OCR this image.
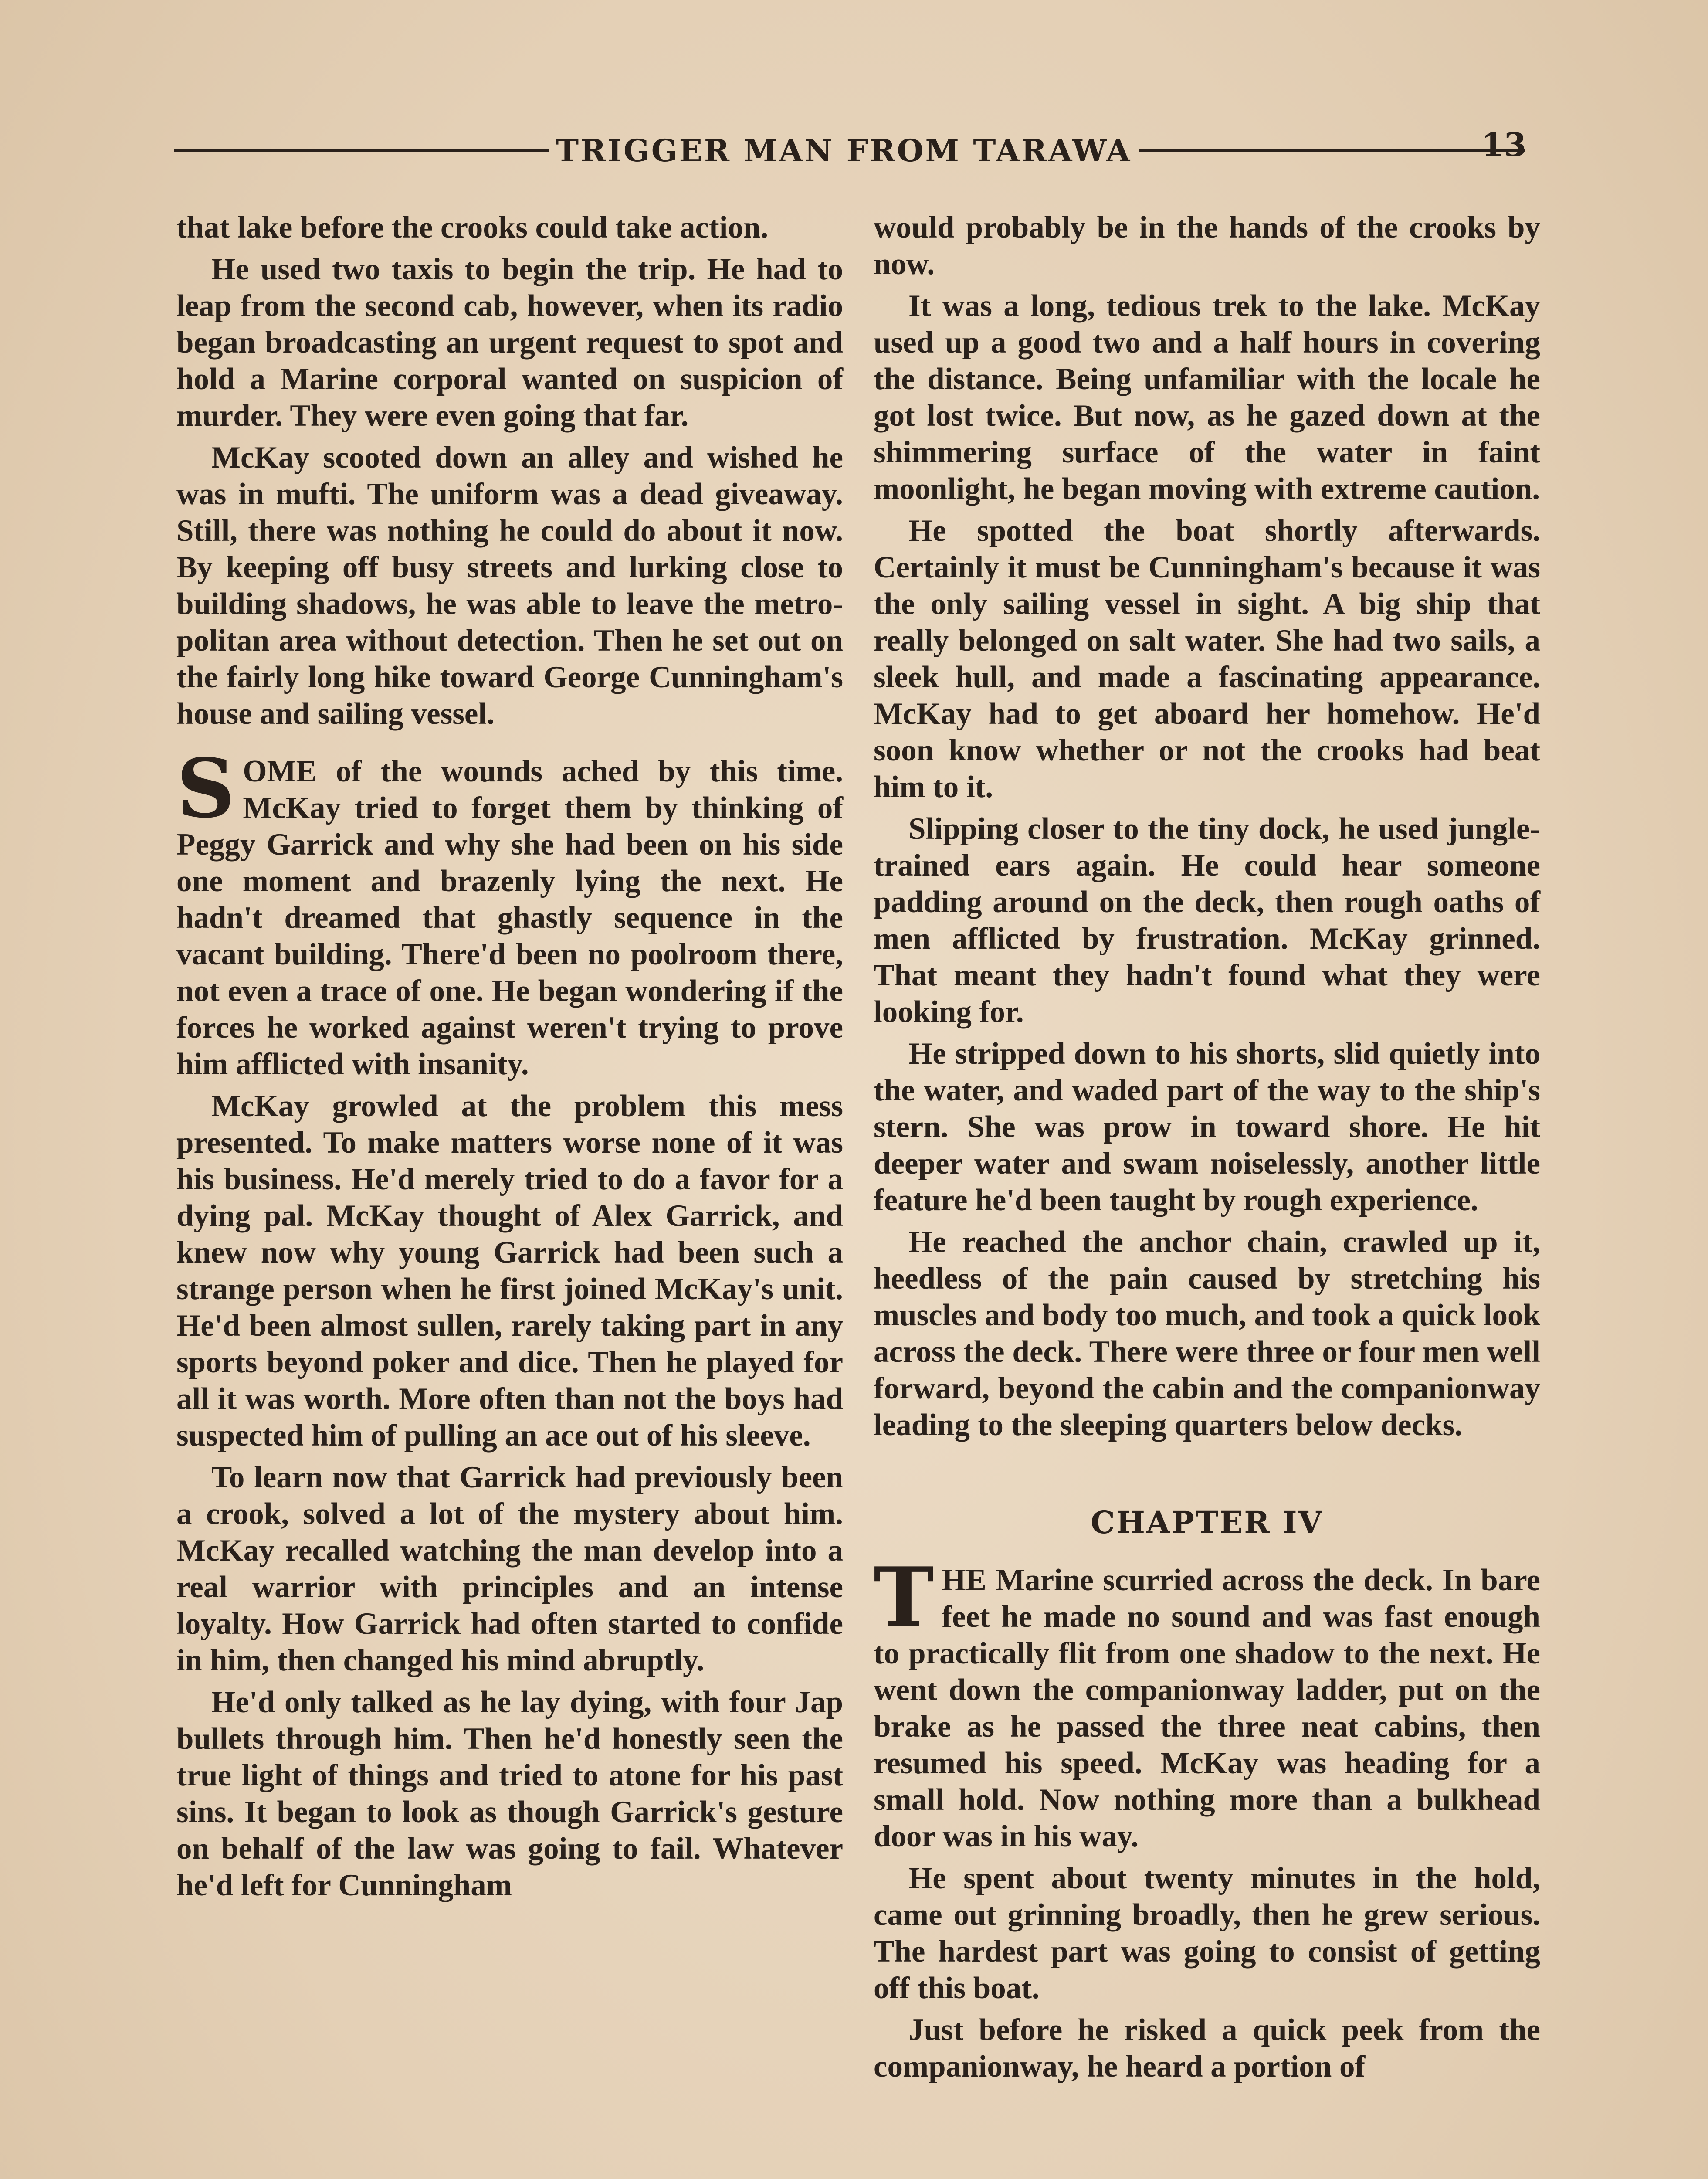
TRIGGER MAN FROM TARAWA	13

that lake before the crooks could take action.

He used two taxis to begin the trip. He had to leap from the second cab, however, when its radio began broadcasting an urgent request to spot and hold a Marine corporal wanted on suspicion of murder. They were even going that far.

McKay scooted down an alley and wished he was in mufti. The uniform was a dead giveaway. Still, there was nothing he could do about it now. By keeping off busy streets and lurking close to building shadows, he was able to leave the metropolitan area without detection. Then he set out on the fairly long hike toward George Cunningham's house and sailing vessel.

SOME of the wounds ached by this time. McKay tried to forget them by thinking of Peggy Garrick and why she had been on his side one moment and brazenly lying the next. He hadn't dreamed that ghastly sequence in the vacant building. There'd been no poolroom there, not even a trace of one. He began wondering if the forces he worked against weren't trying to prove him afflicted with insanity.

McKay growled at the problem this mess presented. To make matters worse none of it was his business. He'd merely tried to do a favor for a dying pal. McKay thought of Alex Garrick, and knew now why young Garrick had been such a strange person when he first joined McKay's unit. He'd been almost sullen, rarely taking part in any sports beyond poker and dice. Then he played for all it was worth. More often than not the boys had suspected him of pulling an ace out of his sleeve.

To learn now that Garrick had previously been a crook, solved a lot of the mystery about him. McKay recalled watching the man develop into a real warrior with principles and an intense loyalty. How Garrick had often started to confide in him, then changed his mind abruptly.

He'd only talked as he lay dying, with four Jap bullets through him. Then he'd honestly seen the true light of things and tried to atone for his past sins. It began to look as though Garrick's gesture on behalf of the law was going to fail. Whatever he'd left for Cunningham

would probably be in the hands of the crooks by now.

It was a long, tedious trek to the lake. McKay used up a good two and a half hours in covering the distance. Being unfamiliar with the locale he got lost twice. But now, as he gazed down at the shimmering surface of the water in faint moonlight, he began moving with extreme caution.

He spotted the boat shortly afterwards. Certainly it must be Cunningham's because it was the only sailing vessel in sight. A big ship that really belonged on salt water. She had two sails, a sleek hull, and made a fascinating appearance. McKay had to get aboard her homehow. He'd soon know whether or not the crooks had beat him to it.

Slipping closer to the tiny dock, he used jungle-trained ears again. He could hear someone padding around on the deck, then rough oaths of men afflicted by frustration. McKay grinned. That meant they hadn't found what they were looking for.

He stripped down to his shorts, slid quietly into the water, and waded part of the way to the ship's stern. She was prow in toward shore. He hit deeper water and swam noiselessly, another little feature he'd been taught by rough experience.

He reached the anchor chain, crawled up it, heedless of the pain caused by stretching his muscles and body too much, and took a quick look across the deck. There were three or four men well forward, beyond the cabin and the companionway leading to the sleeping quarters below decks.

CHAPTER IV

THE Marine scurried across the deck. In bare feet he made no sound and was fast enough to practically flit from one shadow to the next. He went down the companionway ladder, put on the brake as he passed the three neat cabins, then resumed his speed. McKay was heading for a small hold. Now nothing more than a bulkhead door was in his way.

He spent about twenty minutes in the hold, came out grinning broadly, then he grew serious. The hardest part was going to consist of getting off this boat.

Just before he risked a quick peek from the companionway, he heard a portion of
